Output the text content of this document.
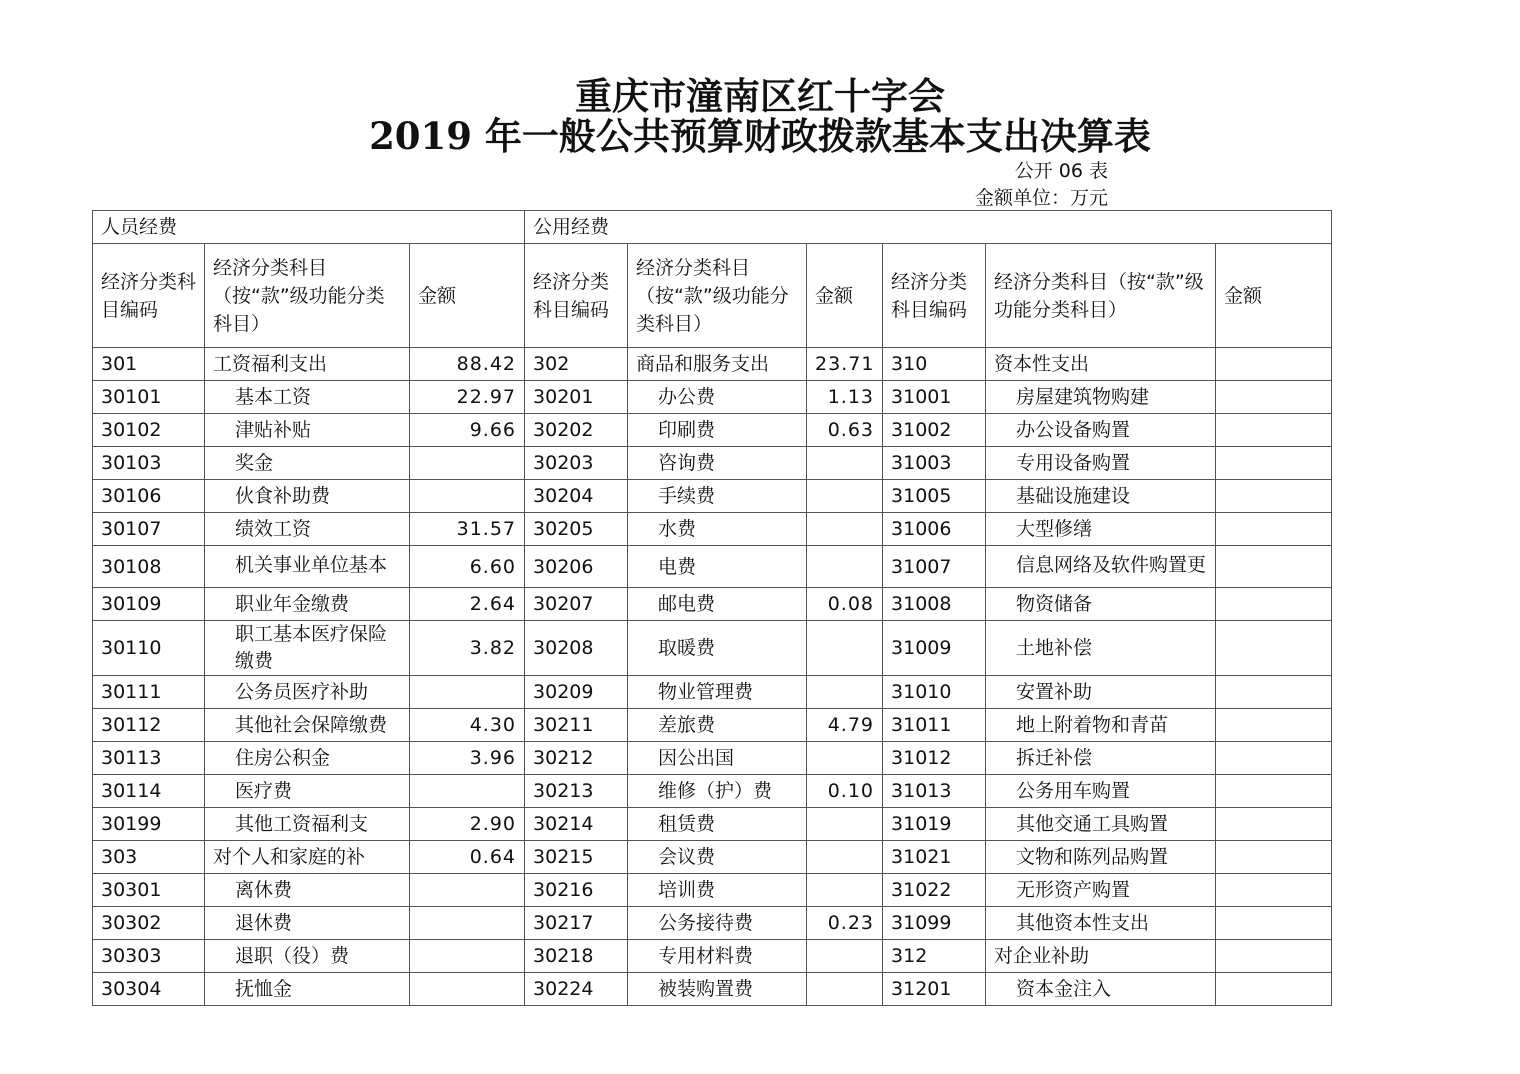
重庆市潼南区红十字会
2019 年一般公共预算财政拨款基本支出决算表
公开 06 表
金额单位：万元
人员经费			公用经费					
经济分类科目编码	经济分类科目（按“款”级功能分类科目）	金额	经济分类科目编码	经济分类科目（按“款”级功能分类科目）	金额	经济分类科目编码	经济分类科目（按“款”级功能分类科目）	金额
301	工资福利支出	88.42	302	商品和服务支出	23.71	310	资本性支出	
30101	基本工资	22.97	30201	办公费	1.13	31001	房屋建筑物购建	
30102	津贴补贴	9.66	30202	印刷费	0.63	31002	办公设备购置	
30103	奖金		30203	咨询费		31003	专用设备购置	
30106	伙食补助费		30204	手续费		31005	基础设施建设	
30107	绩效工资	31.57	30205	水费		31006	大型修缮	
30108	机关事业单位基本	6.60	30206	电费		31007	信息网络及软件购置更	

30109	职业年金缴费	2.64	30207	邮电费	0.08	31008	物资储备	
30110	职工基本医疗保险缴费	3.82	30208	取暖费		31009	土地补偿	
30111	公务员医疗补助		30209	物业管理费		31010	安置补助	
30112	其他社会保障缴费	4.30	30211	差旅费	4.79	31011	地上附着物和青苗	
30113	住房公积金	3.96	30212	因公出国		31012	拆迁补偿	
30114	医疗费		30213	维修（护）费	0.10	31013	公务用车购置	
30199	其他工资福利支	2.90	30214	租赁费		31019	其他交通工具购置	
303	对个人和家庭的补	0.64	30215	会议费		31021	文物和陈列品购置	
30301	离休费		30216	培训费		31022	无形资产购置	
30302	退休费		30217	公务接待费	0.23	31099	其他资本性支出	
30303	退职（役）费		30218	专用材料费		312	对企业补助	
30304	抚恤金		30224	被装购置费		31201	资本金注入	
